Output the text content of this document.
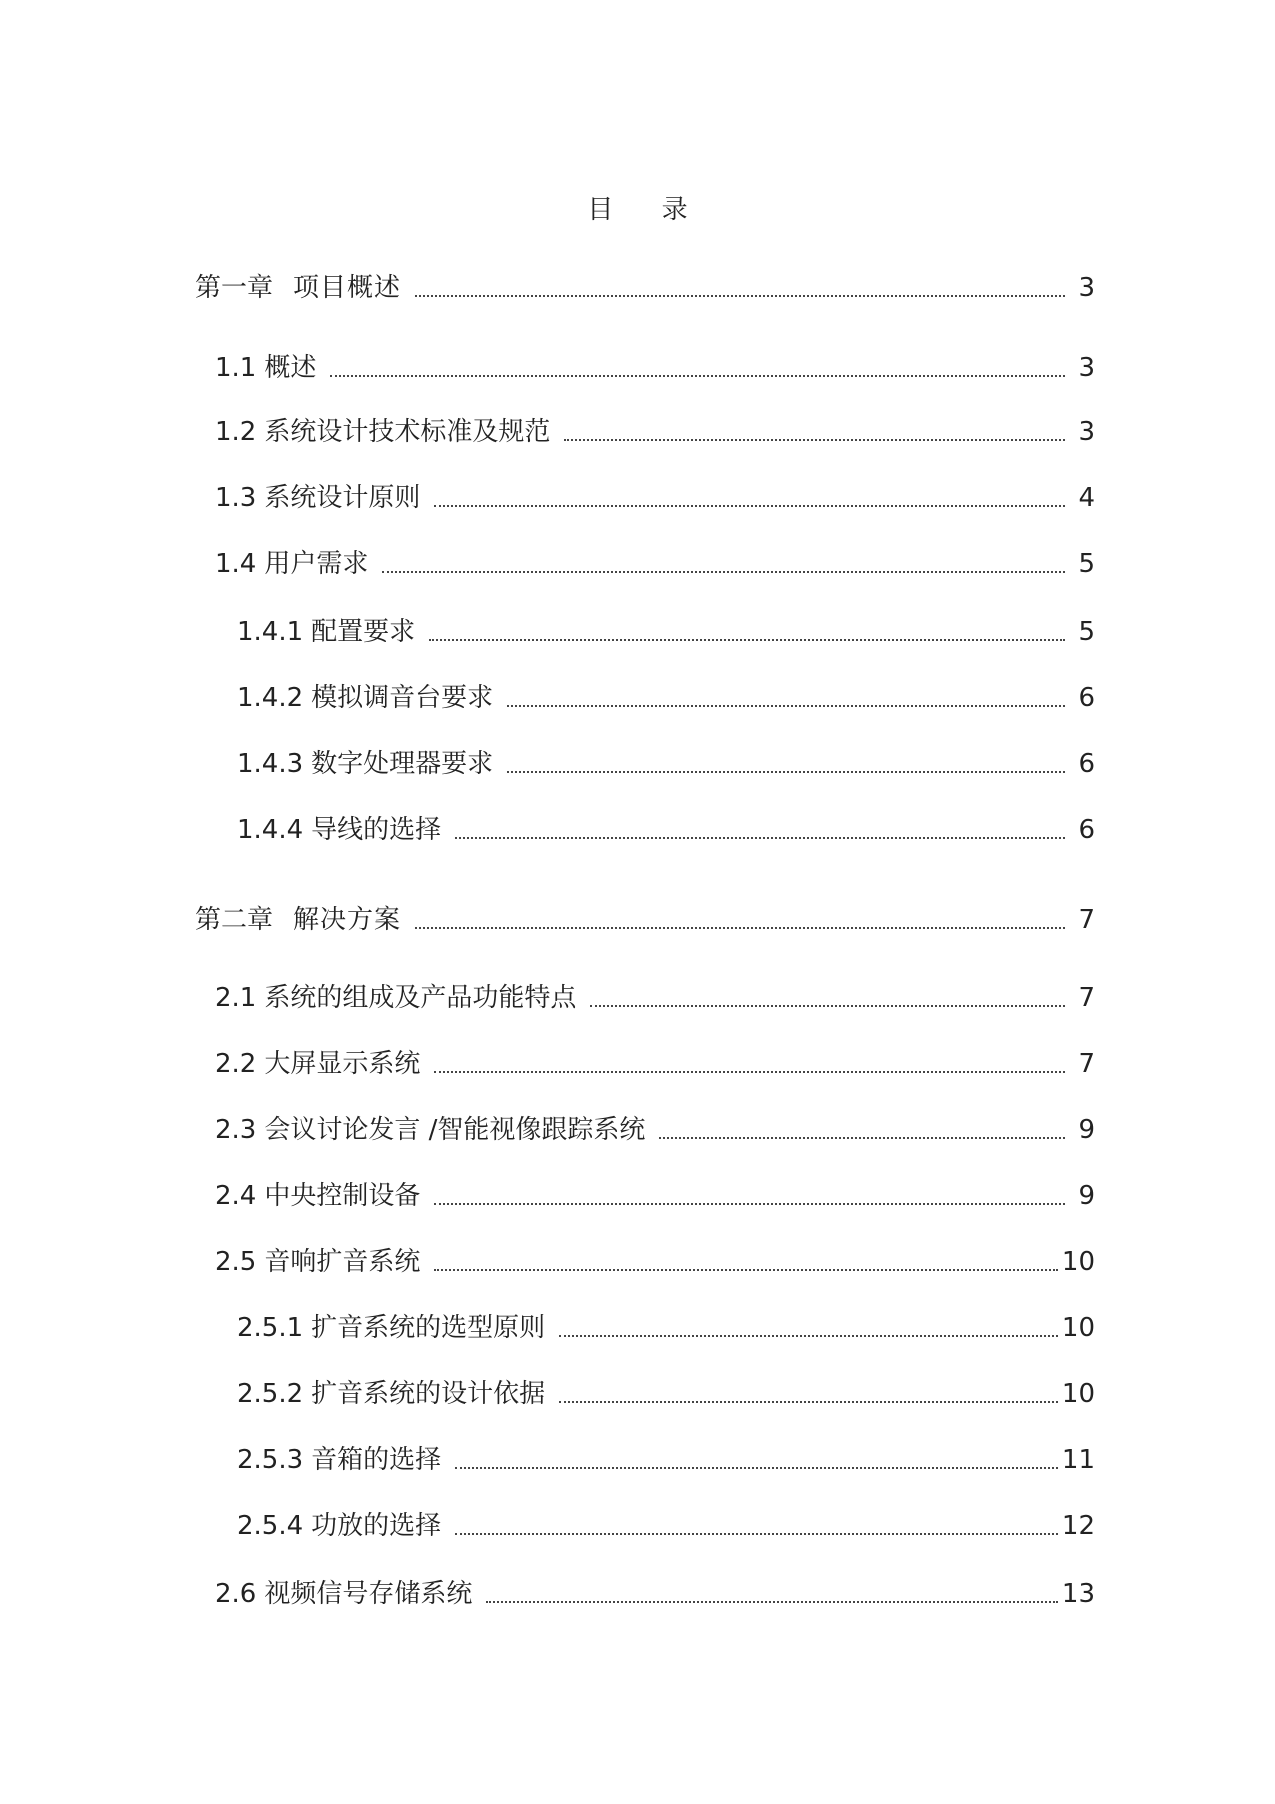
目 录
第一章 项目概述	3
1.1 概述	3
1.2 系统设计技术标准及规范	3
1.3 系统设计原则	4
1.4 用户需求	5
1.4.1 配置要求	5
1.4.2 模拟调音台要求	6
1.4.3 数字处理器要求	6
1.4.4 导线的选择	6
第二章 解决方案	7
2.1 系统的组成及产品功能特点	7
2.2 大屏显示系统	7
2.3 会议讨论发言 /智能视像跟踪系统	9
2.4 中央控制设备	9
2.5 音响扩音系统	10
2.5.1 扩音系统的选型原则	10
2.5.2 扩音系统的设计依据	10
2.5.3 音箱的选择	11
2.5.4 功放的选择	12
2.6 视频信号存储系统	13
